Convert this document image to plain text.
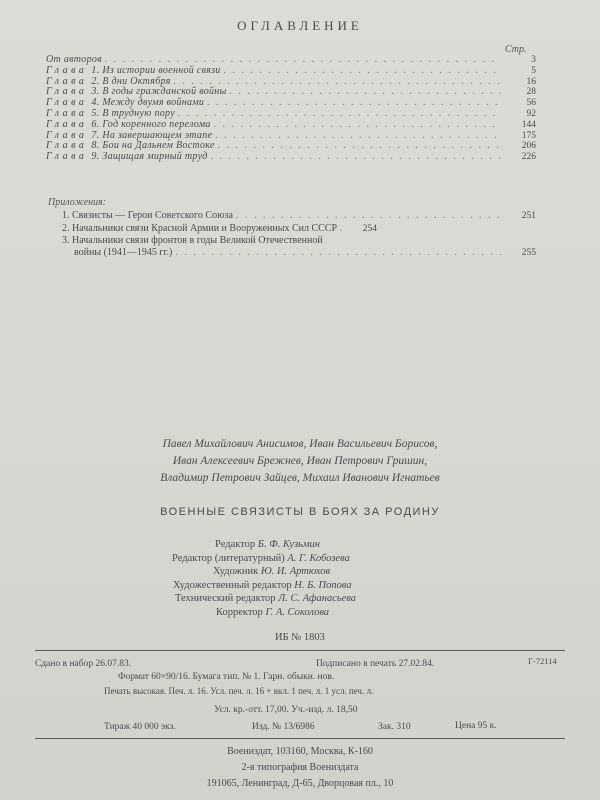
ОГЛАВЛЕНИЕ
Стр.
От авторов . . .	3
Глава 1. Из истории военной связи . . .	5
Глава 2. В дни Октября . . .	16
Глава 3. В годы гражданской войны . . .	28
Глава 4. Между двумя войнами . . .	56
Глава 5. В трудную пору . . .	92
Глава 6. Год коренного перелома . . .	144
Глава 7. На завершающем этапе . . .	175
Глава 8. Бои на Дальнем Востоке . . .	206
Глава 9. Защищая мирный труд . . .	226
Приложения:
1. Связисты — Герои Советского Союза . . .	251
2. Начальники связи Красной Армии и Вооруженных Сил СССР . . .	254
3. Начальники связи фронтов в годы Великой Отечественной
войны (1941—1945 гг.) . . .	255
Павел Михайлович Анисимов, Иван Васильевич Борисов,
Иван Алексеевич Брежнев, Иван Петрович Гришин,
Владимир Петрович Зайцев, Михаил Иванович Игнатьев
ВОЕННЫЕ СВЯЗИСТЫ В БОЯХ ЗА РОДИНУ
Редактор Б. Ф. Кузьмин
Редактор (литературный) А. Г. Кобозева
Художник Ю. И. Артюхов
Художественный редактор Н. Б. Попова
Технический редактор Л. С. Афанасьева
Корректор Г. А. Соколова
ИБ № 1803
Сдано в набор 26.07.83.	Подписано в печать 27.02.84.	Г-72114
Формат 60×90/16. Бумага тип. № 1. Гарн. обыкн. нов.
Печать высокая. Печ. л. 16. Усл. печ. л. 16 + вкл. 1 печ. л. 1 усл. печ. л.
Усл. кр.-отт. 17,00. Уч.-изд. л. 18,50
Тираж 40 000 экз.	Изд. № 13/6986	Зак. 310	Цена 95 к.
Воениздат, 103160, Москва, К-160
2-я типография Воениздата
191065, Ленинград, Д-65, Дворцовая пл., 10
